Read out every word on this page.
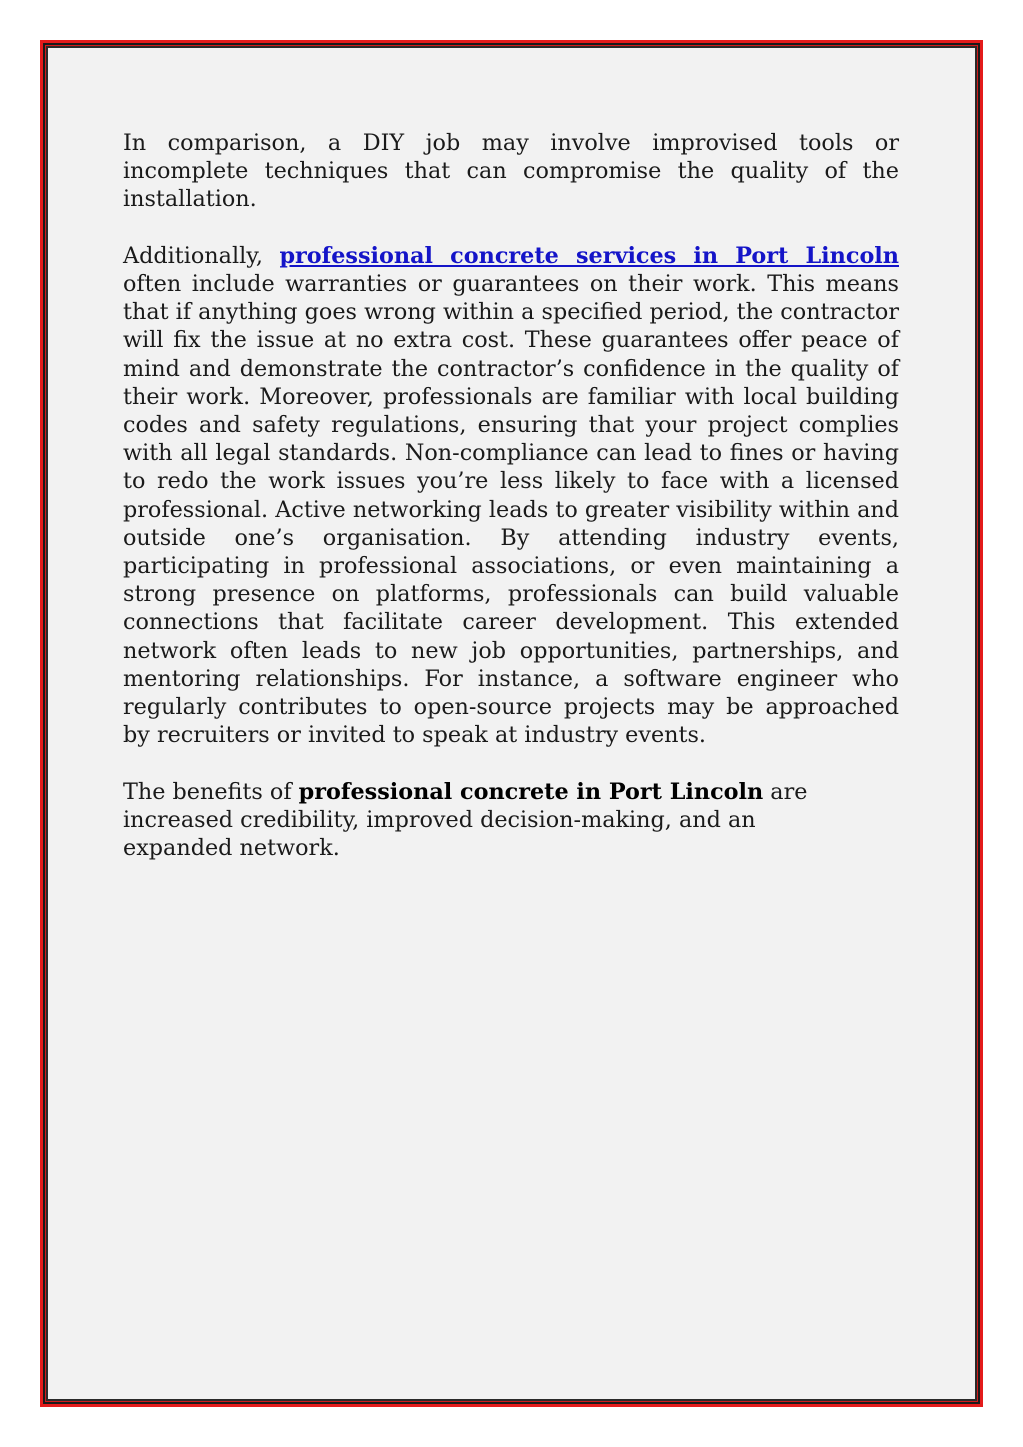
In comparison, a DIY job may involve improvised tools or incomplete techniques that can compromise the quality of the installation.

Additionally, professional concrete services in Port Lincoln often include warranties or guarantees on their work. This means that if anything goes wrong within a specified period, the contractor will fix the issue at no extra cost. These guarantees offer peace of mind and demonstrate the contractor’s confidence in the quality of their work. Moreover, professionals are familiar with local building codes and safety regulations, ensuring that your project complies with all legal standards. Non-compliance can lead to fines or having to redo the work issues you’re less likely to face with a licensed professional. Active networking leads to greater visibility within and outside one’s organisation. By attending industry events, participating in professional associations, or even maintaining a strong presence on platforms, professionals can build valuable connections that facilitate career development. This extended network often leads to new job opportunities, partnerships, and mentoring relationships. For instance, a software engineer who regularly contributes to open-source projects may be approached by recruiters or invited to speak at industry events.

The benefits of professional concrete in Port Lincoln are increased credibility, improved decision-making, and an expanded network.
